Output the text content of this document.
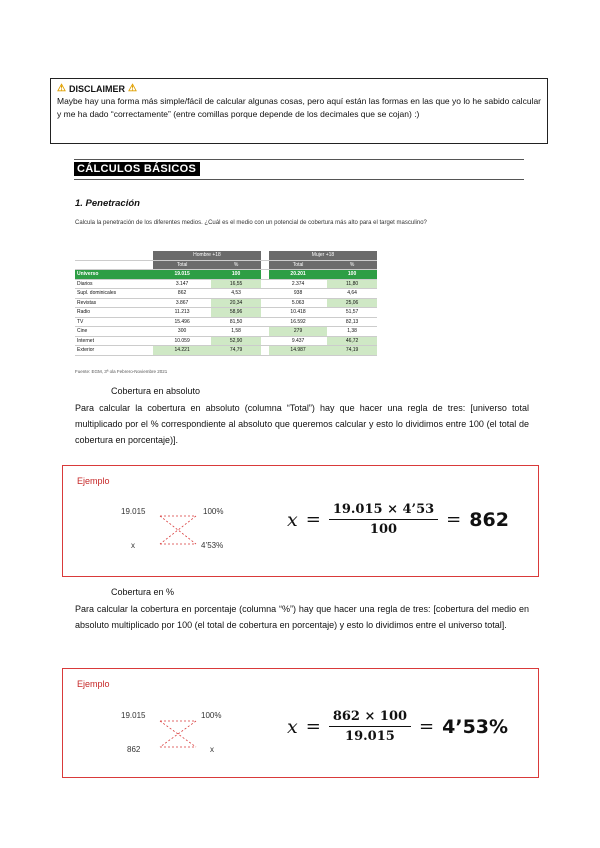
⚠ DISCLAIMER ⚠
Maybe hay una forma más simple/fácil de calcular algunas cosas, pero aquí están las formas en las que yo lo he sabido calcular y me ha dado “correctamente” (entre comillas porque depende de los decimales que se cojan) :)
CÁLCULOS BÁSICOS
1. Penetración
Calcula la penetración de los diferentes medios. ¿Cuál es el medio con un potencial de cobertura más alto para el target masculino?
	Hombre +18			Mujer +18	
	Total	%		Total	%
Universo	19.015	100		20.201	100
Diarios	3.147	16,55		2.374	11,80
Supl. dominicales	862	4,53		938	4,64
Revistas	3.867	20,34		5.063	25,06
Radio	11.213	58,96		10.418	51,57
TV	15.496	81,50		16.592	82,13
Cine	300	1,58		279	1,38
Internet	10.059	52,90		9.437	46,72
Exterior	14.221	74,79		14.987	74,19
Fuente: EGM, 3ª ola Febrero-Noviembre 2021
Cobertura en absoluto
Para calcular la cobertura en absoluto (columna “Total”) hay que hacer una regla de tres: [universo total multiplicado por el % correspondiente al absoluto que queremos calcular y esto lo dividimos entre 100 (el total de cobertura en porcentaje)].
Ejemplo
19.015	100%
x	4’53%
$x = \frac{19.015 \times 4’53}{100} = 862$
Cobertura en %
Para calcular la cobertura en porcentaje (columna “%”) hay que hacer una regla de tres: [cobertura del medio en absoluto multiplicado por 100 (el total de cobertura en porcentaje) y esto lo dividimos entre el universo total].
Ejemplo
19.015	100%
862	x
$x = \frac{862 \times 100}{19.015}$ = 4’53%
